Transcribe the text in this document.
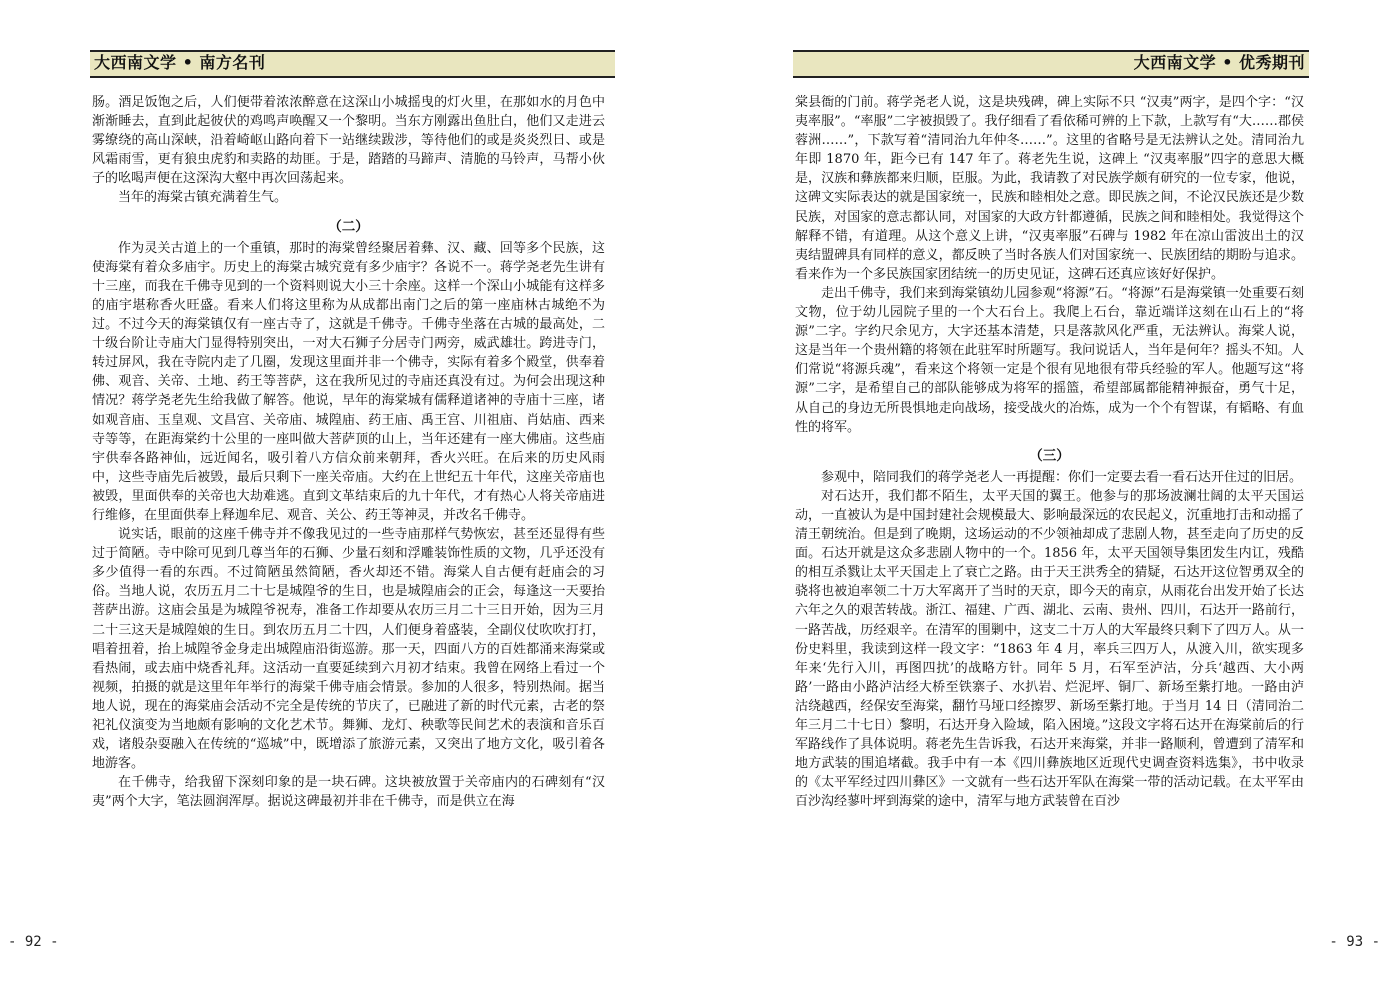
大西南文学 • 南方名刊

肠。酒足饭饱之后，人们便带着浓浓醉意在这深山小城摇曳的灯火里，在那如水的月色中渐渐睡去，直到此起彼伏的鸡鸣声唤醒又一个黎明。当东方刚露出鱼肚白，他们又走进云雾缭绕的高山深峡，沿着崎岖山路向着下一站继续跋涉，等待他们的或是炎炎烈日、或是风霜雨雪，更有狼虫虎豹和卖路的劫匪。于是，踏踏的马蹄声、清脆的马铃声，马帮小伙子的吆喝声便在这深沟大壑中再次回荡起来。

当年的海棠古镇充满着生气。

（二）

作为灵关古道上的一个重镇，那时的海棠曾经聚居着彝、汉、藏、回等多个民族，这使海棠有着众多庙宇。历史上的海棠古城究竟有多少庙宇？各说不一。蒋学尧老先生讲有十三座，而我在千佛寺见到的一个资料则说大小三十余座。这样一个深山小城能有这样多的庙宇堪称香火旺盛。看来人们将这里称为从成都出南门之后的第一座庙林古城绝不为过。不过今天的海棠镇仅有一座古寺了，这就是千佛寺。千佛寺坐落在古城的最高处，二十级台阶让寺庙大门显得特别突出，一对大石狮子分居寺门两旁，威武雄壮。跨进寺门，转过屏风，我在寺院内走了几圈，发现这里面并非一个佛寺，实际有着多个殿堂，供奉着佛、观音、关帝、土地、药王等菩萨，这在我所见过的寺庙还真没有过。为何会出现这种情况？蒋学尧老先生给我做了解答。他说，早年的海棠城有儒释道诸神的寺庙十三座，诸如观音庙、玉皇观、文昌宫、关帝庙、城隍庙、药王庙、禹王宫、川祖庙、肖姑庙、西来寺等等，在距海棠约十公里的一座叫做大菩萨顶的山上，当年还建有一座大佛庙。这些庙宇供奉各路神仙，远近闻名，吸引着八方信众前来朝拜，香火兴旺。在后来的历史风雨中，这些寺庙先后被毁，最后只剩下一座关帝庙。大约在上世纪五十年代，这座关帝庙也被毁，里面供奉的关帝也大劫难逃。直到文革结束后的九十年代，才有热心人将关帝庙进行维修，在里面供奉上释迦牟尼、观音、关公、药王等神灵，并改名千佛寺。

说实话，眼前的这座千佛寺并不像我见过的一些寺庙那样气势恢宏，甚至还显得有些过于简陋。寺中除可见到几尊当年的石狮、少量石刻和浮雕装饰性质的文物，几乎还没有多少值得一看的东西。不过简陋虽然简陋，香火却还不错。海棠人自古便有赶庙会的习俗。当地人说，农历五月二十七是城隍爷的生日，也是城隍庙会的正会，每逢这一天要抬菩萨出游。这庙会虽是为城隍爷祝寿，准备工作却要从农历三月二十三日开始，因为三月二十三这天是城隍娘的生日。到农历五月二十四，人们便身着盛装，全副仪仗吹吹打打，唱着扭着，抬上城隍爷金身走出城隍庙沿街巡游。那一天，四面八方的百姓都涌来海棠或看热闹，或去庙中烧香礼拜。这活动一直要延续到六月初才结束。我曾在网络上看过一个视频，拍摄的就是这里年年举行的海棠千佛寺庙会情景。参加的人很多，特别热闹。据当地人说，现在的海棠庙会活动不完全是传统的节庆了，已融进了新的时代元素，古老的祭祀礼仪演变为当地颇有影响的文化艺术节。舞狮、龙灯、秧歌等民间艺术的表演和音乐百戏，诸般杂耍融入在传统的“巡城”中，既增添了旅游元素，又突出了地方文化，吸引着各地游客。

在千佛寺，给我留下深刻印象的是一块石碑。这块被放置于关帝庙内的石碑刻有“汉夷”两个大字，笔法圆润浑厚。据说这碑最初并非在千佛寺，而是供立在海

- 92 -
大西南文学 • 优秀期刊

棠县衙的门前。蒋学尧老人说，这是块残碑，碑上实际不只 “汉夷”两字，是四个字：“汉夷率服”。“率服”二字被损毁了。我仔细看了看依稀可辨的上下款，上款写有“大……郡侯蓉洲……”，下款写着“清同治九年仲冬……”。这里的省略号是无法辨认之处。清同治九年即 1870 年，距今已有 147 年了。蒋老先生说，这碑上 “汉夷率服”四字的意思大概是，汉族和彝族都来归顺，臣服。为此，我请教了对民族学颇有研究的一位专家，他说，这碑文实际表达的就是国家统一，民族和睦相处之意。即民族之间，不论汉民族还是少数民族，对国家的意志都认同，对国家的大政方针都遵循，民族之间和睦相处。我觉得这个解释不错，有道理。从这个意义上讲，“汉夷率服”石碑与 1982 年在凉山雷波出土的汉夷结盟碑具有同样的意义，都反映了当时各族人们对国家统一、民族团结的期盼与追求。看来作为一个多民族国家团结统一的历史见证，这碑石还真应该好好保护。

走出千佛寺，我们来到海棠镇幼儿园参观“将源”石。“将源”石是海棠镇一处重要石刻文物，位于幼儿园院子里的一个大石台上。我爬上石台，靠近端详这刻在山石上的“将源”二字。字约尺余见方，大字还基本清楚，只是落款风化严重，无法辨认。海棠人说，这是当年一个贵州籍的将领在此驻军时所题写。我问说话人，当年是何年？摇头不知。人们常说“将源兵魂”，看来这个将领一定是个很有见地很有带兵经验的军人。他题写这“将源”二字，是希望自己的部队能够成为将军的摇篮，希望部属都能精神振奋，勇气十足，从自己的身边无所畏惧地走向战场，接受战火的冶炼，成为一个个有智谋，有韬略、有血性的将军。

（三）

参观中，陪同我们的蒋学尧老人一再提醒：你们一定要去看一看石达开住过的旧居。

对石达开，我们都不陌生，太平天国的翼王。他参与的那场波澜壮阔的太平天国运动，一直被认为是中国封建社会规模最大、影响最深远的农民起义，沉重地打击和动摇了清王朝统治。但是到了晚期，这场运动的不少领袖却成了悲剧人物，甚至走向了历史的反面。石达开就是这众多悲剧人物中的一个。1856 年，太平天国领导集团发生内讧，残酷的相互杀戮让太平天国走上了衰亡之路。由于天王洪秀全的猜疑，石达开这位智勇双全的骁将也被迫率领二十万大军离开了当时的天京，即今天的南京，从雨花台出发开始了长达六年之久的艰苦转战。浙江、福建、广西、湖北、云南、贵州、四川，石达开一路前行，一路苦战，历经艰辛。在清军的围剿中，这支二十万人的大军最终只剩下了四万人。从一份史料里，我读到这样一段文字：“1863 年 4 月，率兵三四万人，从渡入川，欲实现多年来‘先行入川，再图四扰’的战略方针。同年 5 月，石军至泸沽，分兵‘越西、大小两路’一路由小路泸沽经大桥至铁寨子、水扒岩、烂泥坪、铜厂、新场至紫打地。一路由泸沽绕越西，经保安至海棠，翻竹马垭口经擦罗、新场至紫打地。于当月 14 日（清同治二年三月二十七日）黎明，石达开身入险域，陷入困境。”这段文字将石达开在海棠前后的行军路线作了具体说明。蒋老先生告诉我，石达开来海棠，并非一路顺利，曾遭到了清军和地方武装的围追堵截。我手中有一本《四川彝族地区近现代史调查资料选集》，书中收录的《太平军经过四川彝区》一文就有一些石达开军队在海棠一带的活动记载。在太平军由百沙沟经蓼叶坪到海棠的途中，清军与地方武装曾在百沙

- 93 -
